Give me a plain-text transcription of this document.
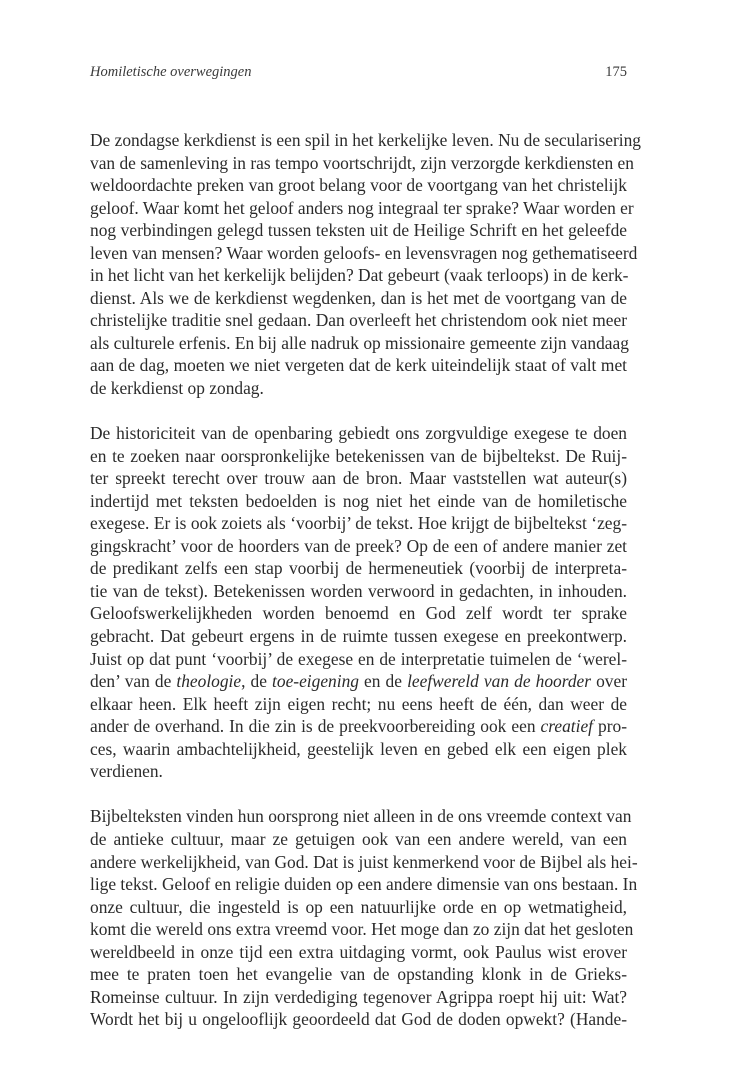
Homiletische overwegingen	175
De zondagse kerkdienst is een spil in het kerkelijke leven. Nu de secularisering
van de samenleving in ras tempo voortschrijdt, zijn verzorgde kerkdiensten en
weldoordachte preken van groot belang voor de voortgang van het christelijk
geloof. Waar komt het geloof anders nog integraal ter sprake? Waar worden er
nog verbindingen gelegd tussen teksten uit de Heilige Schrift en het geleefde
leven van mensen? Waar worden geloofs- en levensvragen nog gethematiseerd
in het licht van het kerkelijk belijden? Dat gebeurt (vaak terloops) in de kerk-
dienst. Als we de kerkdienst wegdenken, dan is het met de voortgang van de
christelijke traditie snel gedaan. Dan overleeft het christendom ook niet meer
als culturele erfenis. En bij alle nadruk op missionaire gemeente zijn vandaag
aan de dag, moeten we niet vergeten dat de kerk uiteindelijk staat of valt met
de kerkdienst op zondag.
De historiciteit van de openbaring gebiedt ons zorgvuldige exegese te doen
en te zoeken naar oorspronkelijke betekenissen van de bijbeltekst. De Ruij-
ter spreekt terecht over trouw aan de bron. Maar vaststellen wat auteur(s)
indertijd met teksten bedoelden is nog niet het einde van de homiletische
exegese. Er is ook zoiets als ‘voorbij’ de tekst. Hoe krijgt de bijbeltekst ‘zeg-
gingskracht’ voor de hoorders van de preek? Op de een of andere manier zet
de predikant zelfs een stap voorbij de hermeneutiek (voorbij de interpreta-
tie van de tekst). Betekenissen worden verwoord in gedachten, in inhouden.
Geloofswerkelijkheden worden benoemd en God zelf wordt ter sprake
gebracht. Dat gebeurt ergens in de ruimte tussen exegese en preekontwerp.
Juist op dat punt ‘voorbij’ de exegese en de interpretatie tuimelen de ‘werel-
den’ van de theologie, de toe-eigening en de leefwereld van de hoorder over
elkaar heen. Elk heeft zijn eigen recht; nu eens heeft de één, dan weer de
ander de overhand. In die zin is de preekvoorbereiding ook een creatief pro-
ces, waarin ambachtelijkheid, geestelijk leven en gebed elk een eigen plek
verdienen.
Bijbelteksten vinden hun oorsprong niet alleen in de ons vreemde context van
de antieke cultuur, maar ze getuigen ook van een andere wereld, van een
andere werkelijkheid, van God. Dat is juist kenmerkend voor de Bijbel als hei-
lige tekst. Geloof en religie duiden op een andere dimensie van ons bestaan. In
onze cultuur, die ingesteld is op een natuurlijke orde en op wetmatigheid,
komt die wereld ons extra vreemd voor. Het moge dan zo zijn dat het gesloten
wereldbeeld in onze tijd een extra uitdaging vormt, ook Paulus wist erover
mee te praten toen het evangelie van de opstanding klonk in de Grieks-
Romeinse cultuur. In zijn verdediging tegenover Agrippa roept hij uit: Wat?
Wordt het bij u ongelooflijk geoordeeld dat God de doden opwekt? (Hande-
